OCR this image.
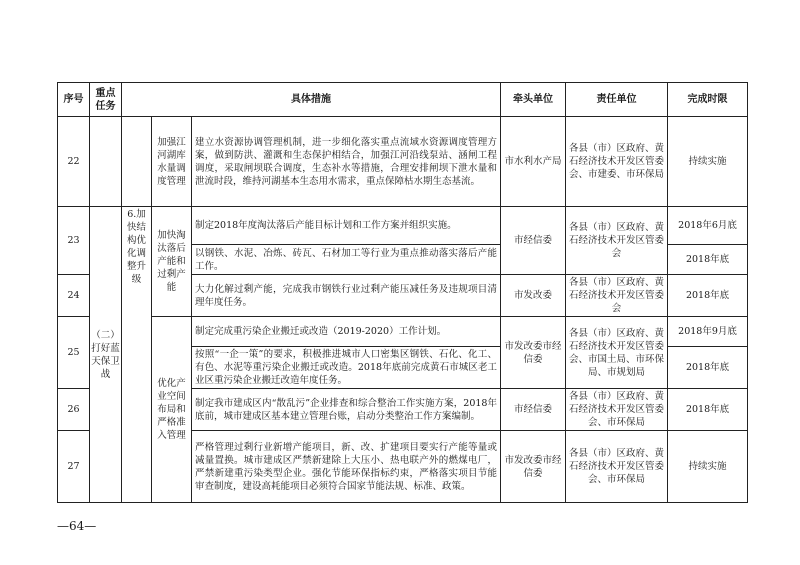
序号	重点任务	具体措施			牵头单位	责任单位	完成时限
22			加强江河湖库水量调度管理	建立水资源协调管理机制，进一步细化落实重点流域水资源调度管理方案，做到防洪、灌溉和生态保护相结合，加强江河沿线泵站、涵闸工程调度，采取闸坝联合调度，生态补水等措施，合理安排闸坝下泄水量和泄流时段，维持河湖基本生态用水需求，重点保障枯水期生态基流。	市水利水产局	各县（市）区政府、黄石经济技术开发区管委会、市建委、市环保局	持续实施
23	（二）打好蓝天保卫战	6.加快结构优化调整升级	加快淘汰落后产能和过剩产能	制定2018年度淘汰落后产能目标计划和工作方案并组织实施。	市经信委	各县（市）区政府、黄石经济技术开发区管委会	2018年6月底
				以钢铁、水泥、冶炼、砖瓦、石材加工等行业为重点推动落实落后产能工作。			2018年底
24				大力化解过剩产能，完成我市钢铁行业过剩产能压减任务及违规项目清理年度任务。	市发改委	各县（市）区政府、黄石经济技术开发区管委会	2018年底
25			优化产业空间布局和严格准入管理	制定完成重污染企业搬迁或改造（2019-2020）工作计划。	市发改委市经信委	各县（市）区政府、黄石经济技术开发区管委会、市国土局、市环保局、市规划局	2018年9月底
				按照“一企一策”的要求，积极推进城市人口密集区钢铁、石化、化工、有色、水泥等重污染企业搬迁或改造。2018年底前完成黄石市城区老工业区重污染企业搬迁改造年度任务。			2018年底
26				制定我市建成区内“散乱污”企业排查和综合整治工作实施方案，2018年底前，城市建成区基本建立管理台账，启动分类整治工作方案编制。	市经信委	各县（市）区政府、黄石经济技术开发区管委会、市环保局	2018年底
27				严格管理过剩行业新增产能项目，新、改、扩建项目要实行产能等量或减量置换。城市建成区严禁新建除上大压小、热电联产外的燃煤电厂，严禁新建重污染类型企业。强化节能环保指标约束，严格落实项目节能审查制度，建设高耗能项目必须符合国家节能法规、标准、政策。	市发改委市经信委	各县（市）区政府、黄石经济技术开发区管委会、市环保局	持续实施
—64—
